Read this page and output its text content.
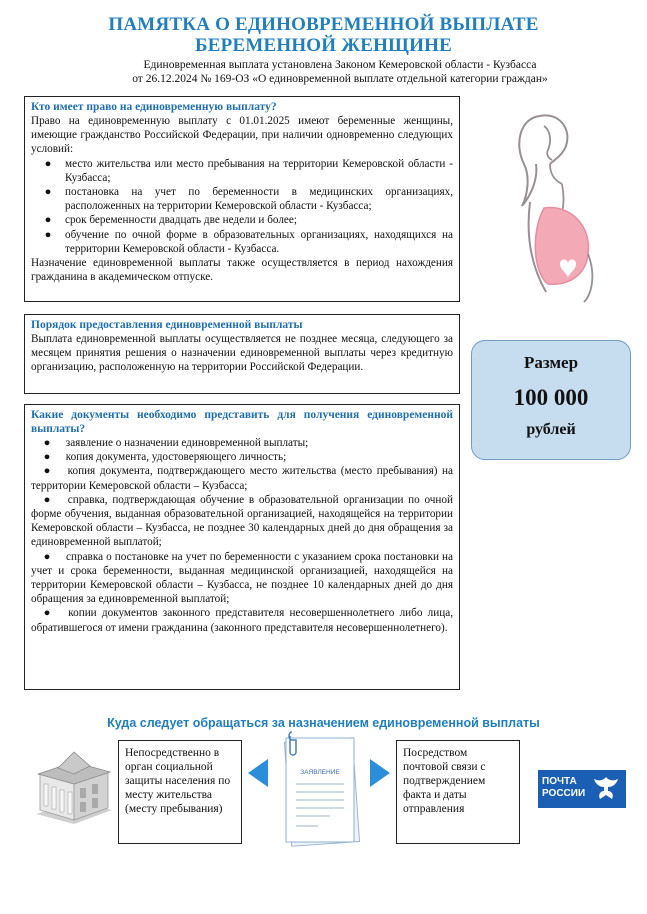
ПАМЯТКА О ЕДИНОВРЕМЕННОЙ ВЫПЛАТЕ
БЕРЕМЕННОЙ ЖЕНЩИНЕ
Единовременная выплата установлена Законом Кемеровской области - Кузбасса
от 26.12.2024 № 169-ОЗ «О единовременной выплате отдельной категории граждан»
Кто имеет право на единовременную выплату?

Право на единовременную выплату с 01.01.2025 имеют беременные женщины, имеющие гражданство Российской Федерации, при наличии одновременно следующих условий:

●	место жительства или место пребывания на территории Кемеровской области - Кузбасса;
●	постановка на учет по беременности в медицинских организациях, расположенных на территории Кемеровской области - Кузбасса;
●	срок беременности двадцать две недели и более;
●	обучение по очной форме в образовательных организациях, находящихся на территории Кемеровской области - Кузбасса.

Назначение единовременной выплаты также осуществляется в период нахождения гражданина в академическом отпуске.

Порядок предоставления единовременной выплаты

Выплата единовременной выплаты осуществляется не позднее месяца, следующего за месяцем принятия решения о назначении единовременной выплаты через кредитную организацию, расположенную на территории Российской Федерации.	Размер
100 000
рублей
Какие документы необходимо представить для получения единовременной выплаты?

● заявление о назначении единовременной выплаты;

● копия документа, удостоверяющего личность;

● копия документа, подтверждающего место жительства (место пребывания) на территории Кемеровской области – Кузбасса;

● справка, подтверждающая обучение в образовательной организации по очной форме обучения, выданная образовательной организацией, находящейся на территории Кемеровской области – Кузбасса, не позднее 30 календарных дней до дня обращения за единовременной выплатой;

● справка о постановке на учет по беременности с указанием срока постановки на учет и срока беременности, выданная медицинской организацией, находящейся на территории Кемеровской области – Кузбасса, не позднее 10 календарных дней до дня обращения за единовременной выплатой;

● копии документов законного представителя несовершеннолетнего либо лица, обратившегося от имени гражданина (законного представителя несовершеннолетнего).

Куда следует обращаться за назначением единовременной выплаты
Непосредственно в орган социальной защиты населения по месту жительства (месту пребывания)
ЗАЯВЛЕНИЕ
Посредством почтовой связи с подтверждением факта и даты отправления
ПОЧТА
РОССИИ
